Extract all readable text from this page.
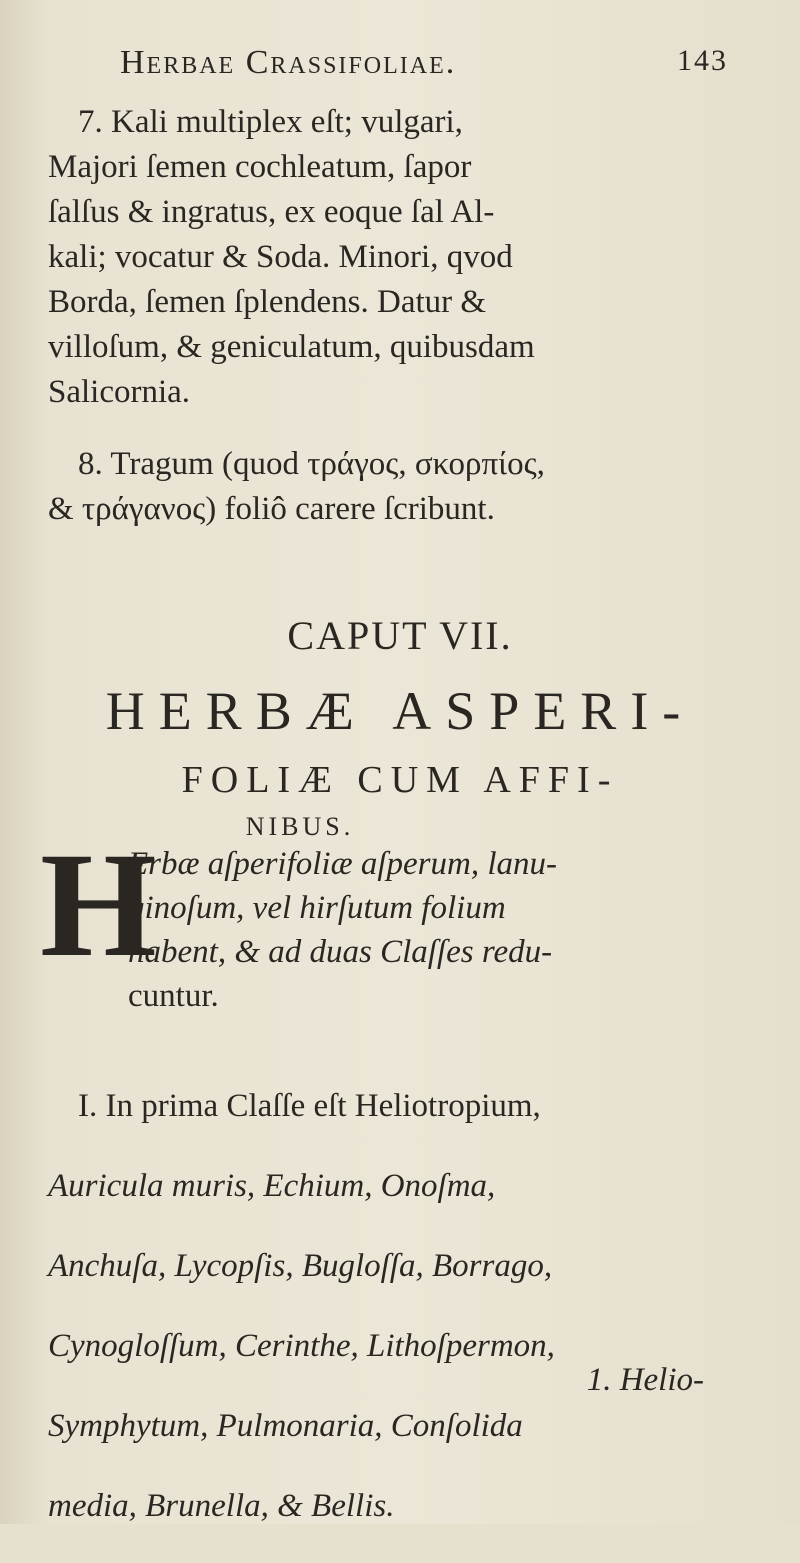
Herbae Crassifoliae.	143

7. Kali multiplex eſt; vulgari,

Majori ſemen cochleatum, ſapor

ſalſus & ingratus, ex eoque ſal Al-

kali; vocatur & Soda. Minori, qvod

Borda, ſemen ſplendens. Datur &

villoſum, & geniculatum, quibusdam

Salicornia.

8. Tragum (quod τράγος, σκορπίος,

& τράγανος) foliô carere ſcribunt.

CAPUT VII.
HERBÆ ASPERI-
FOLIÆ CUM AFFI-
NIBUS.
H
Erbæ aſperifoliæ aſperum, lanu-
ginoſum, vel hirſutum folium
habent, & ad duas Claſſes redu-
cuntur.

I. In prima Claſſe eſt Heliotropium,

Auricula muris, Echium, Onoſma,

Anchuſa, Lycopſis, Bugloſſa, Borrago,

Cynogloſſum, Cerinthe, Lithoſpermon,

Symphytum, Pulmonaria, Conſolida

media, Brunella, & Bellis.

1. Helio-
